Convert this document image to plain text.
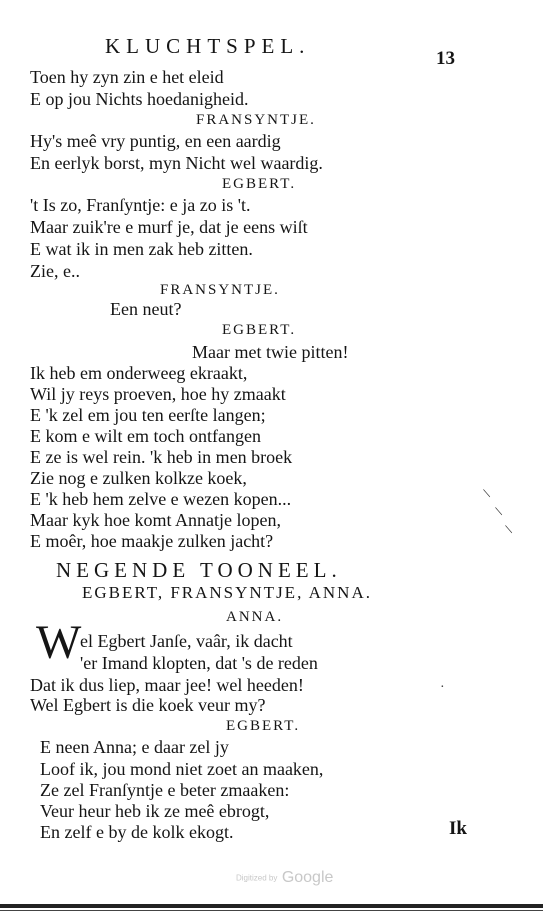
KLUCHTSPEL.
13
Toen hy zyn zin e het eleid
E op jou Nichts hoedanigheid.
FRANSYNTJE.
Hy's meê vry puntig, en een aardig
En eerlyk borst, myn Nicht wel waardig.
EGBERT.
't Is zo, Franſyntje: e ja zo is 't.
Maar zuik're e murf je, dat je eens wiſt
E wat ik in men zak heb zitten.
Zie, e..
FRANSYNTJE.
Een neut?
EGBERT.
Maar met twie pitten!
Ik heb em onderweeg ekraakt,
Wil jy reys proeven, hoe hy zmaakt
E 'k zel em jou ten eerſte langen;
E kom e wilt em toch ontfangen
E ze is wel rein. 'k heb in men broek
Zie nog e zulken kolkze koek,
E 'k heb hem zelve e wezen kopen...
Maar kyk hoe komt Annatje lopen,
E moêr, hoe maakje zulken jacht?
NEGENDE TOONEEL.
EGBERT, FRANSYNTJE, ANNA.
ANNA.
W
el Egbert Janſe, vaâr, ik dacht
'er Imand klopten, dat 's de reden
Dat ik dus liep, maar jee! wel heeden!
Wel Egbert is die koek veur my?
EGBERT.
E neen Anna; e daar zel jy
Loof ik, jou mond niet zoet an maaken,
Ze zel Franſyntje e beter zmaaken:
Veur heur heb ik ze meê ebrogt,
En zelf e by de kolk ekogt.	Ik
/
/
/
·
Digitized by Google
